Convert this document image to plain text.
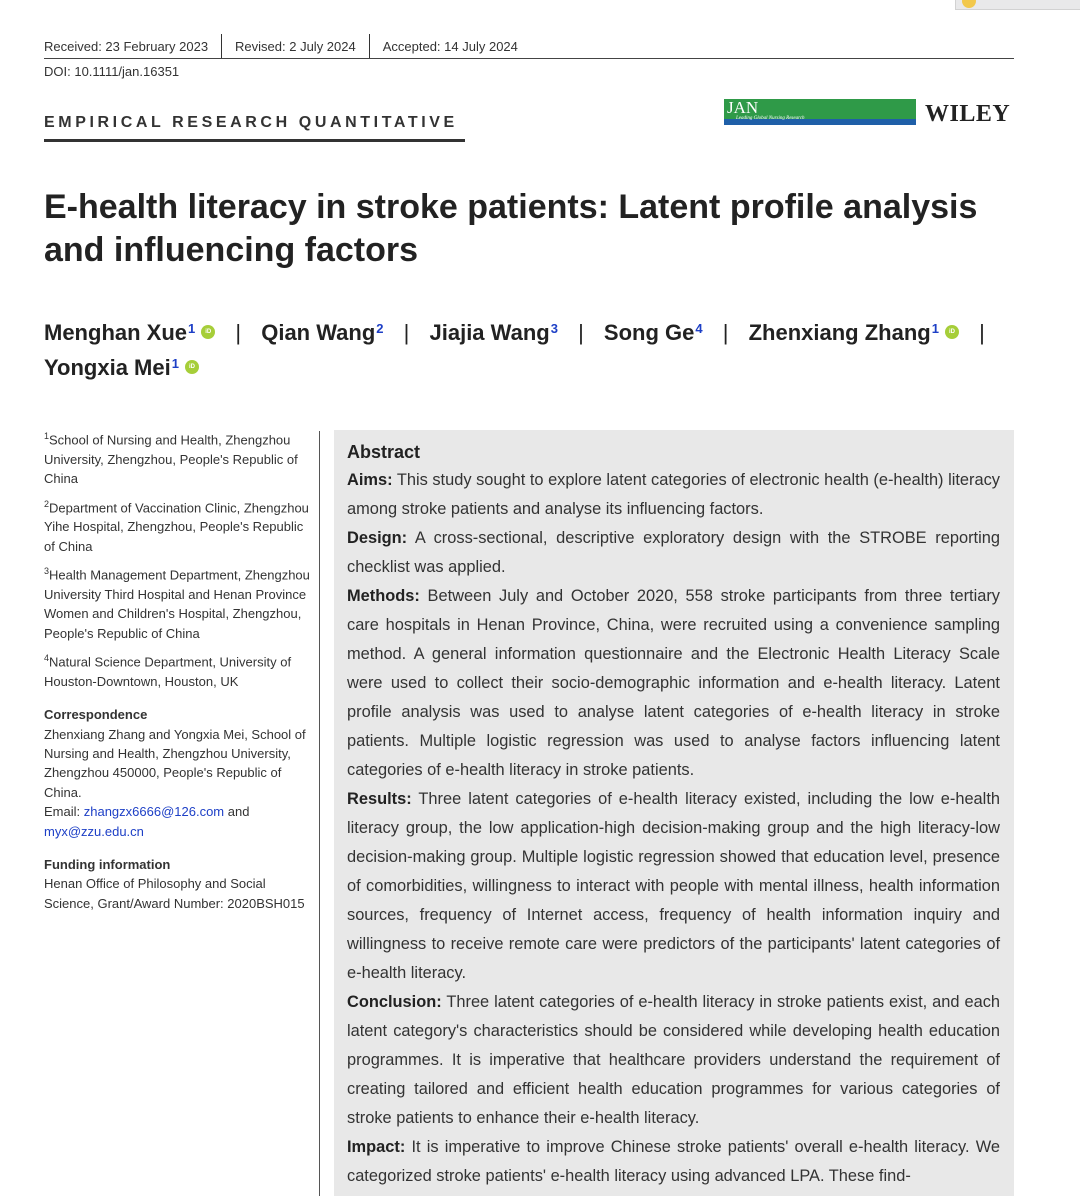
Received: 23 February 2023 Revised: 2 July 2024 Accepted: 14 July 2024
DOI: 10.1111/jan.16351
EMPIRICAL RESEARCH QUANTITATIVE
JAN
Leading Global Nursing Research	WILEY
E-health literacy in stroke patients: Latent profile analysis and influencing factors
Menghan Xue$^1$ iD | Qian Wang$^2$ | Jiajia Wang$^3$ | Song Ge$^4$ | Zhenxiang Zhang$^1$ iD |
Yongxia Mei$^1$ iD

$^1$School of Nursing and Health, Zhengzhou University, Zhengzhou, People's Republic of China

$^2$Department of Vaccination Clinic, Zhengzhou Yihe Hospital, Zhengzhou, People's Republic of China

$^3$Health Management Department, Zhengzhou University Third Hospital and Henan Province Women and Children's Hospital, Zhengzhou, People's Republic of China

$^4$Natural Science Department, University of Houston-Downtown, Houston, UK

Correspondence

Zhenxiang Zhang and Yongxia Mei, School of Nursing and Health, Zhengzhou University, Zhengzhou 450000, People's Republic of China.
Email: zhangzx6666@126.com and myx@zzu.edu.cn

Funding information

Henan Office of Philosophy and Social Science, Grant/Award Number: 2020BSH015

Abstract

Aims: This study sought to explore latent categories of electronic health (e-health) literacy among stroke patients and analyse its influencing factors.

Design: A cross-sectional, descriptive exploratory design with the STROBE reporting checklist was applied.

Methods: Between July and October 2020, 558 stroke participants from three tertiary care hospitals in Henan Province, China, were recruited using a convenience sampling method. A general information questionnaire and the Electronic Health Literacy Scale were used to collect their socio-demographic information and e-health literacy. Latent profile analysis was used to analyse latent categories of e-health literacy in stroke patients. Multiple logistic regression was used to analyse factors influencing latent categories of e-health literacy in stroke patients.

Results: Three latent categories of e-health literacy existed, including the low e-health literacy group, the low application-high decision-making group and the high literacy-low decision-making group. Multiple logistic regression showed that education level, presence of comorbidities, willingness to interact with people with mental illness, health information sources, frequency of Internet access, frequency of health information inquiry and willingness to receive remote care were predictors of the participants' latent categories of e-health literacy.

Conclusion: Three latent categories of e-health literacy in stroke patients exist, and each latent category's characteristics should be considered while developing health education programmes. It is imperative that healthcare providers understand the requirement of creating tailored and efficient health education programmes for various categories of stroke patients to enhance their e-health literacy.

Impact: It is imperative to improve Chinese stroke patients' overall e-health literacy. We categorized stroke patients' e-health literacy using advanced LPA. These find-
